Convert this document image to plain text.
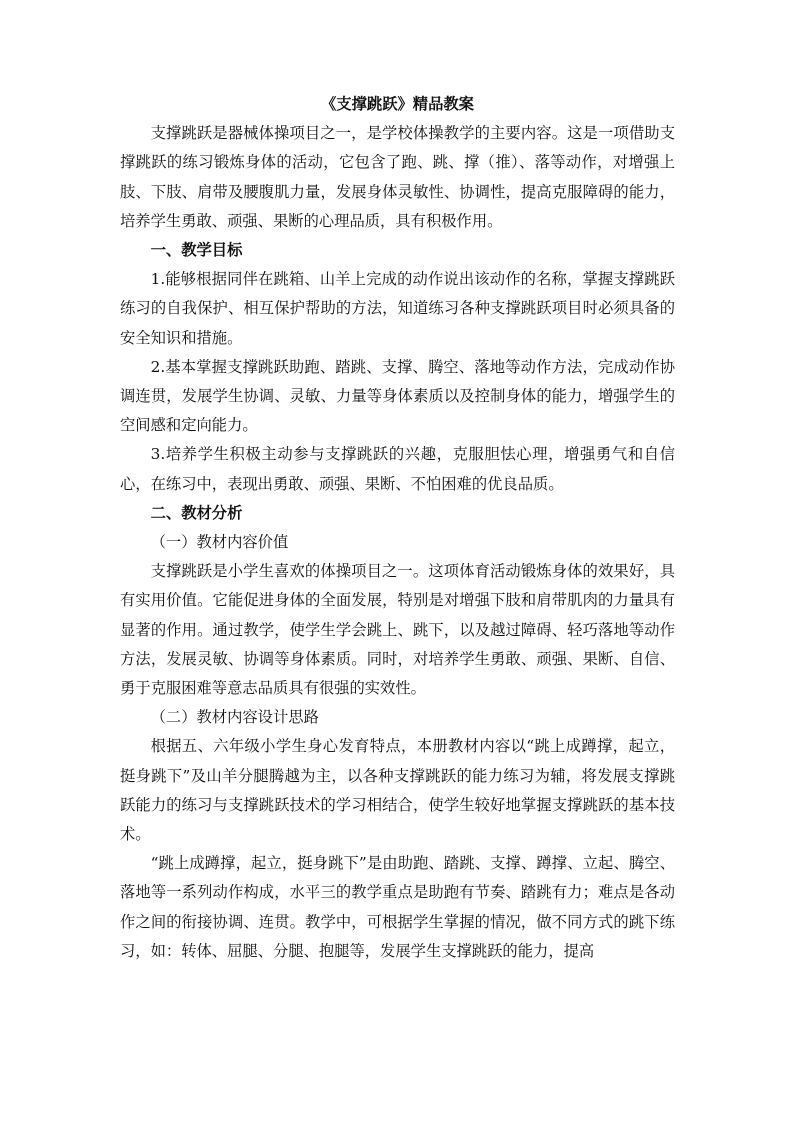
《支撑跳跃》精品教案

支撑跳跃是器械体操项目之一，是学校体操教学的主要内容。这是一项借助支撑跳跃的练习锻炼身体的活动，它包含了跑、跳、撑（推）、落等动作，对增强上肢、下肢、肩带及腰腹肌力量，发展身体灵敏性、协调性，提高克服障碍的能力，培养学生勇敢、顽强、果断的心理品质，具有积极作用。

一、教学目标

1.能够根据同伴在跳箱、山羊上完成的动作说出该动作的名称，掌握支撑跳跃练习的自我保护、相互保护帮助的方法，知道练习各种支撑跳跃项目时必须具备的安全知识和措施。

2.基本掌握支撑跳跃助跑、踏跳、支撑、腾空、落地等动作方法，完成动作协调连贯，发展学生协调、灵敏、力量等身体素质以及控制身体的能力，增强学生的空间感和定向能力。

3.培养学生积极主动参与支撑跳跃的兴趣，克服胆怯心理，增强勇气和自信心，在练习中，表现出勇敢、顽强、果断、不怕困难的优良品质。

二、教材分析

（一）教材内容价值

支撑跳跃是小学生喜欢的体操项目之一。这项体育活动锻炼身体的效果好，具有实用价值。它能促进身体的全面发展，特别是对增强下肢和肩带肌肉的力量具有显著的作用。通过教学，使学生学会跳上、跳下，以及越过障碍、轻巧落地等动作方法，发展灵敏、协调等身体素质。同时，对培养学生勇敢、顽强、果断、自信、勇于克服困难等意志品质具有很强的实效性。

（二）教材内容设计思路

根据五、六年级小学生身心发育特点，本册教材内容以“跳上成蹲撑，起立，挺身跳下”及山羊分腿腾越为主，以各种支撑跳跃的能力练习为辅，将发展支撑跳跃能力的练习与支撑跳跃技术的学习相结合，使学生较好地掌握支撑跳跃的基本技术。

“跳上成蹲撑，起立，挺身跳下”是由助跑、踏跳、支撑、蹲撑、立起、腾空、落地等一系列动作构成，水平三的教学重点是助跑有节奏、踏跳有力；难点是各动作之间的衔接协调、连贯。教学中，可根据学生掌握的情况，做不同方式的跳下练习，如：转体、屈腿、分腿、抱腿等，发展学生支撑跳跃的能力，提高
